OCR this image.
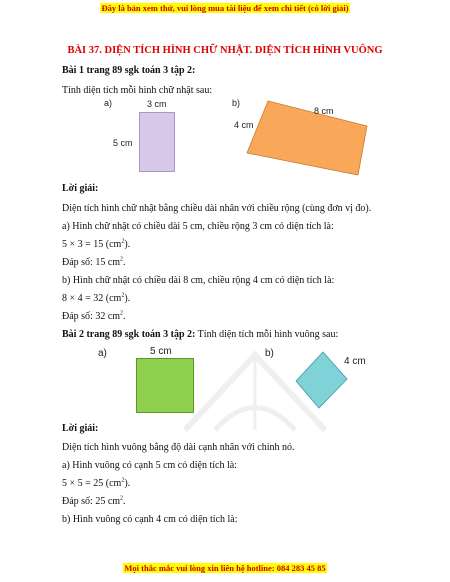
Đây là bản xem thử, vui lòng mua tài liệu để xem chi tiết (có lời giải)
BÀI 37. DIỆN TÍCH HÌNH CHỮ NHẬT. DIỆN TÍCH HÌNH VUÔNG
Bài 1 trang 89 sgk toán 3 tập 2:
Tính diện tích mỗi hình chữ nhật sau:
a)	3 cm
5 cm
b)
8 cm
4 cm
Lời giải:
Diện tích hình chữ nhật bằng chiều dài nhân với chiều rộng (cùng đơn vị đo).
a) Hình chữ nhật có chiều dài 5 cm, chiều rộng 3 cm có diện tích là:
5 × 3 = 15 $(cm^2)$.
Đáp số: 15 $cm^2$.
b) Hình chữ nhật có chiều dài 8 cm, chiều rộng 4 cm có diện tích là:
8 × 4 = 32 $(cm^2)$.
Đáp số: 32 $cm^2$.
Bài 2 trang 89 sgk toán 3 tập 2: Tính diện tích mỗi hình vuông sau:
a)	5 cm	b)
4 cm
Lời giải:
Diện tích hình vuông bằng độ dài cạnh nhân với chính nó.
a) Hình vuông có cạnh 5 cm có diện tích là:
5 × 5 = 25 $(cm^2)$.
Đáp số: 25 $cm^2$.
b) Hình vuông có cạnh 4 cm có diện tích là:
Mọi thắc mắc vui lòng xin liên hệ hotline: 084 283 45 85
